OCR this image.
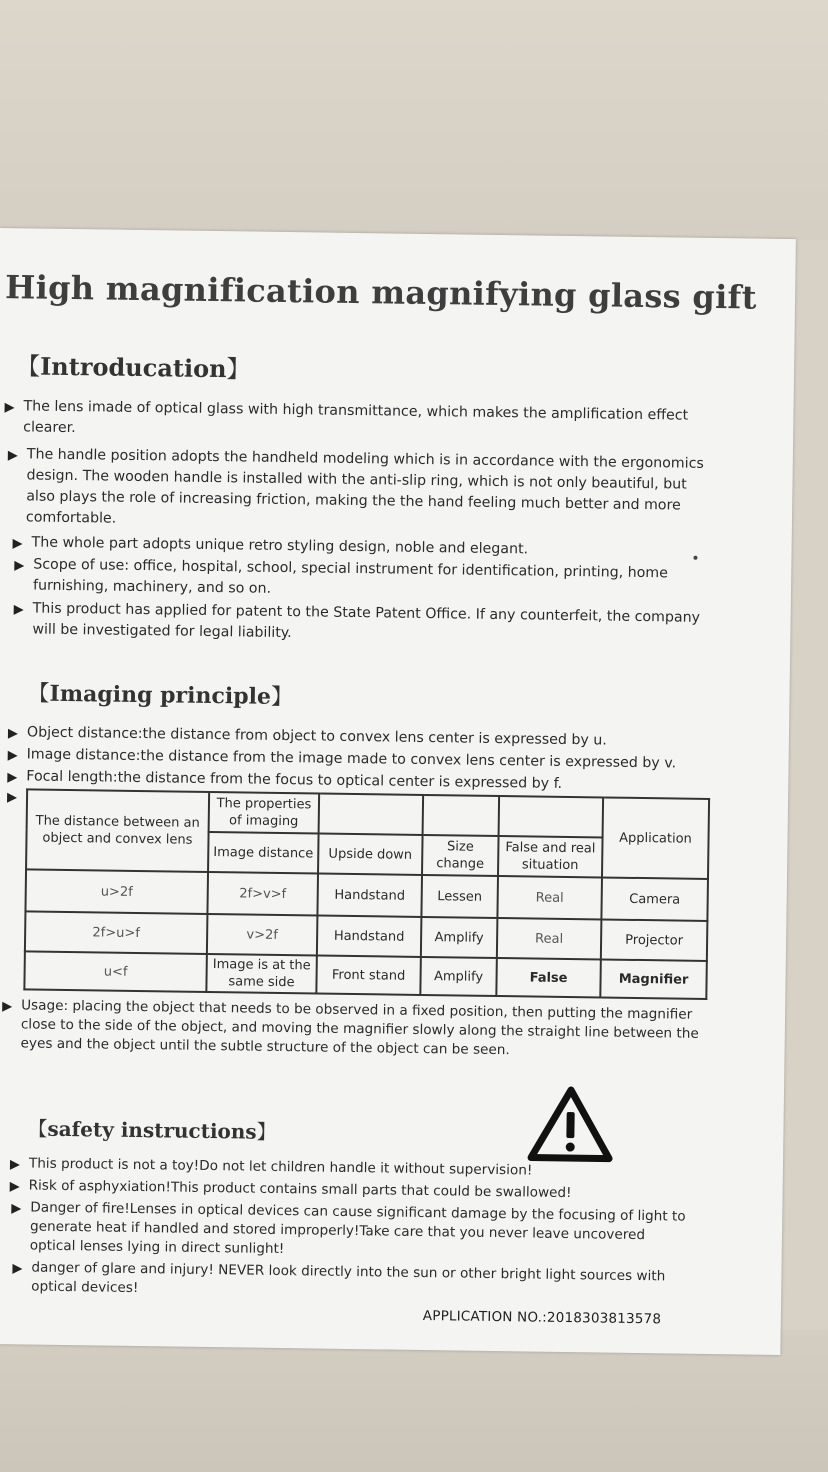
High magnification magnifying glass gift
【Introducation】
▶ The lens imade of optical glass with high transmittance, which makes the amplification effect clearer.
▶ The handle position adopts the handheld modeling which is in accordance with the ergonomics design. The wooden handle is installed with the anti-slip ring, which is not only beautiful, but also plays the role of increasing friction, making the the hand feeling much better and more comfortable.
▶ The whole part adopts unique retro styling design, noble and elegant.
▶ Scope of use: office, hospital, school, special instrument for identification, printing, home furnishing, machinery, and so on.
▶ This product has applied for patent to the State Patent Office. If any counterfeit, the company will be investigated for legal liability.
【Imaging principle】
▶ Object distance:the distance from object to convex lens center is expressed by u.
▶ Image distance:the distance from the image made to convex lens center is expressed by v.
▶ Focal length:the distance from the focus to optical center is expressed by f.
▶
The distance between an object and convex lens	The properties of imaging				Application
	Image distance	Upside down	Size change	False and real situation	
u>2f	2f>v>f	Handstand	Lessen	Real	Camera
2f>u>f	v>2f	Handstand	Amplify	Real	Projector
u<f	Image is at the same side	Front stand	Amplify	False	Magnifier
▶ Usage: placing the object that needs to be observed in a fixed position, then putting the magnifier close to the side of the object, and moving the magnifier slowly along the straight line between the eyes and the object until the subtle structure of the object can be seen.
【safety instructions】
▶ This product is not a toy!Do not let children handle it without supervision!
▶ Risk of asphyxiation!This product contains small parts that could be swallowed!
▶ Danger of fire!Lenses in optical devices can cause significant damage by the focusing of light to generate heat if handled and stored improperly!Take care that you never leave uncovered optical lenses lying in direct sunlight!
▶ danger of glare and injury! NEVER look directly into the sun or other bright light sources with optical devices!
APPLICATION NO.:2018303813578
